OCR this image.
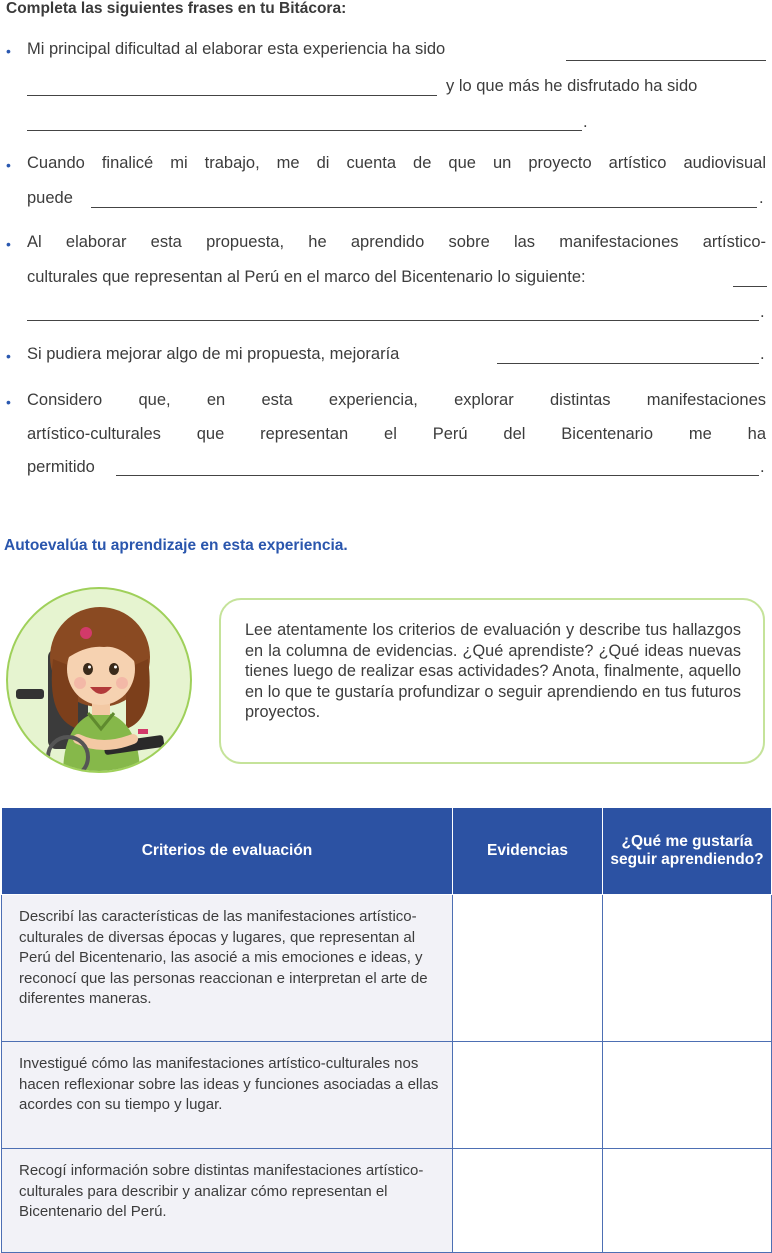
Completa las siguientes frases en tu Bitácora:
• Mi principal dificultad al elaborar esta experiencia ha sido
y lo que más he disfrutado ha sido
.
• Cuando finalicé mi trabajo, me di cuenta de que un proyecto artístico audiovisual
puede	.
• Al elaborar esta propuesta, he aprendido sobre las manifestaciones artístico-
culturales que representan al Perú en el marco del Bicentenario lo siguiente:
.
• Si pudiera mejorar algo de mi propuesta, mejoraría	.
• Considero que, en esta experiencia, explorar distintas manifestaciones
artístico-culturales que representan el Perú del Bicentenario me ha
permitido	.
Autoevalúa tu aprendizaje en esta experiencia.
Lee atentamente los criterios de evaluación y describe tus hallazgos en la columna de evidencias. ¿Qué aprendiste? ¿Qué ideas nuevas tienes luego de realizar esas actividades? Anota, finalmente, aquello en lo que te gustaría profundizar o seguir aprendiendo en tus futuros proyectos.
Criterios de evaluación	Evidencias	¿Qué me gustaría seguir aprendiendo?
Describí las características de las manifestaciones artístico-culturales de diversas épocas y lugares, que representan al Perú del Bicentenario, las asocié a mis emociones e ideas, y reconocí que las personas reaccionan e interpretan el arte de diferentes maneras.		
Investigué cómo las manifestaciones artístico-culturales nos hacen reflexionar sobre las ideas y funciones asociadas a ellas acordes con su tiempo y lugar.		
Recogí información sobre distintas manifestaciones artístico-culturales para describir y analizar cómo representan el Bicentenario del Perú.		
